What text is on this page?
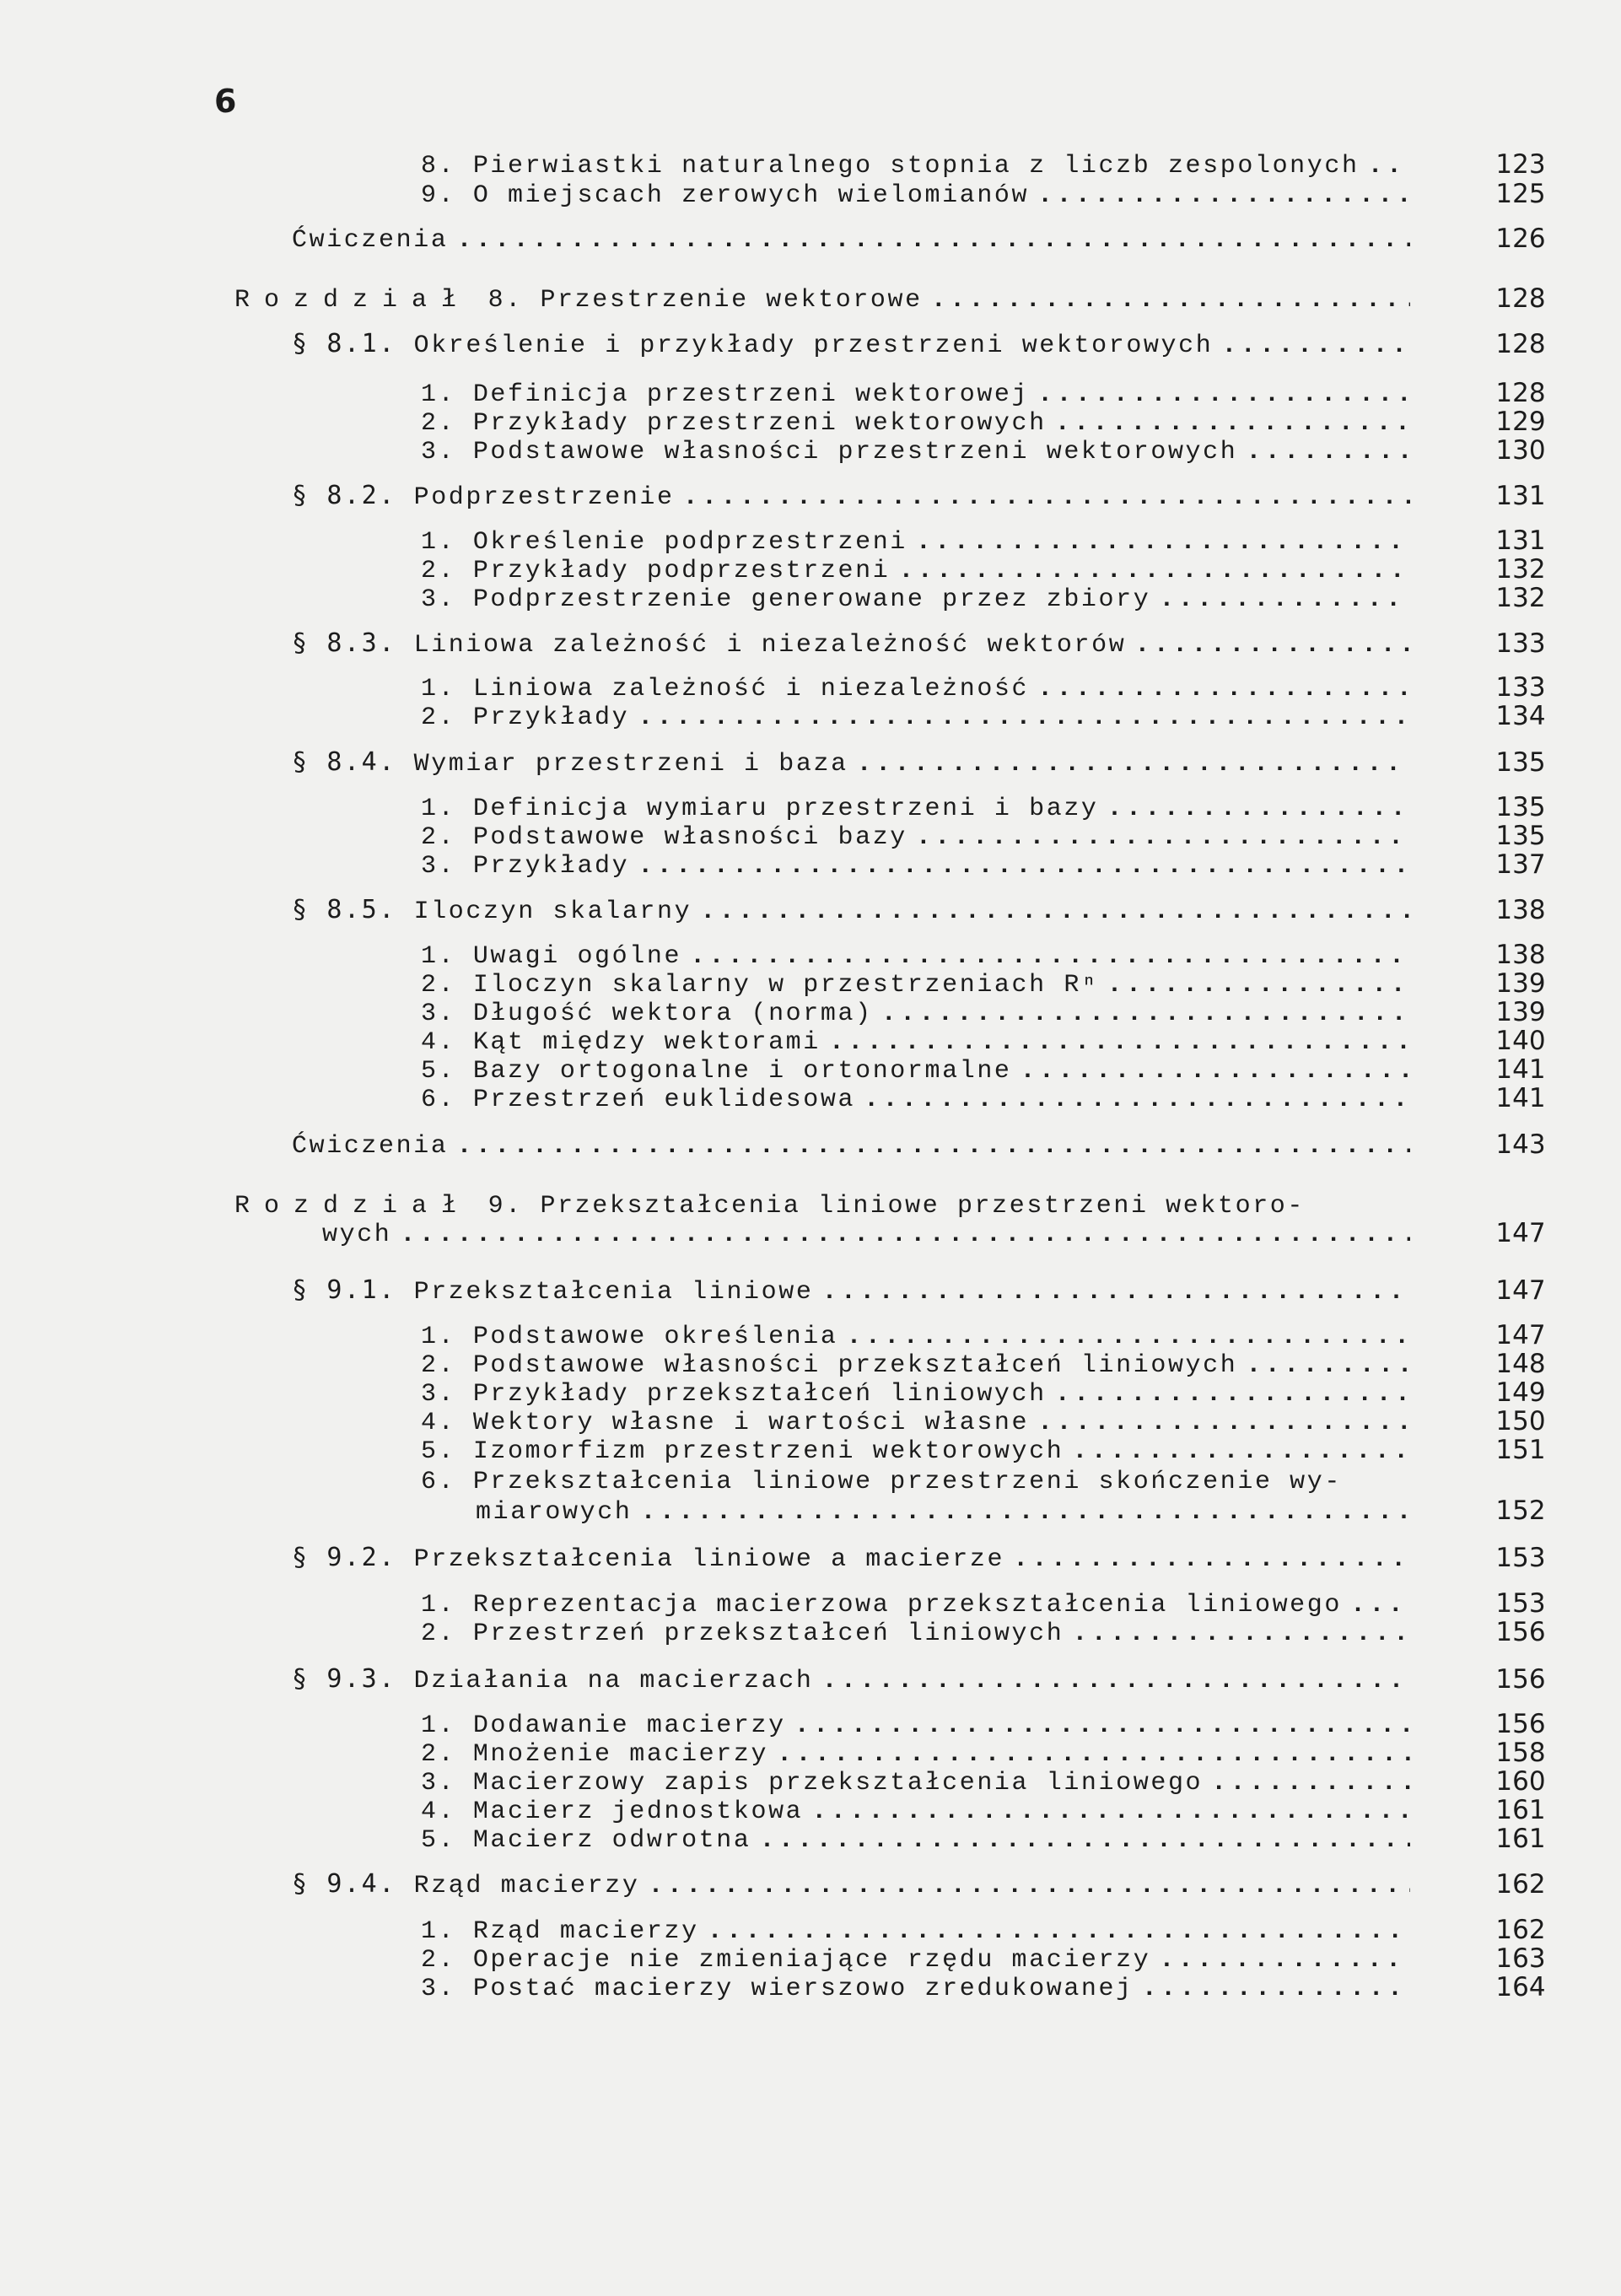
6
8. Pierwiastki naturalnego stopnia z liczb zespolonych .....	123
9. O miejscach zerowych wielomianów .....	125
Ćwiczenia .....	126
Rozdział 8. Przestrzenie wektorowe .....	128
§ 8.1. Określenie i przykłady przestrzeni wektorowych .....	128
1. Definicja przestrzeni wektorowej .....	128
2. Przykłady przestrzeni wektorowych .....	129
3. Podstawowe własności przestrzeni wektorowych .....	130
§ 8.2. Podprzestrzenie .....	131
1. Określenie podprzestrzeni .....	131
2. Przykłady podprzestrzeni .....	132
3. Podprzestrzenie generowane przez zbiory .....	132
§ 8.3. Liniowa zależność i niezależność wektorów .....	133
1. Liniowa zależność i niezależność .....	133
2. Przykłady .....	134
§ 8.4. Wymiar przestrzeni i baza .....	135
1. Definicja wymiaru przestrzeni i bazy .....	135
2. Podstawowe własności bazy .....	135
3. Przykłady .....	137
§ 8.5. Iloczyn skalarny .....	138
1. Uwagi ogólne .....	138
2. Iloczyn skalarny w przestrzeniach Rⁿ .....	139
3. Długość wektora (norma) .....	139
4. Kąt między wektorami .....	140
5. Bazy ortogonalne i ortonormalne .....	141
6. Przestrzeń euklidesowa .....	141
Ćwiczenia .....	143
Rozdział 9. Przekształcenia liniowe przestrzeni wektoro-
wych .....	147
§ 9.1. Przekształcenia liniowe .....	147
1. Podstawowe określenia .....	147
2. Podstawowe własności przekształceń liniowych .....	148
3. Przykłady przekształceń liniowych .....	149
4. Wektory własne i wartości własne .....	150
5. Izomorfizm przestrzeni wektorowych .....	151
6. Przekształcenia liniowe przestrzeni skończenie wy-
miarowych .....	152
§ 9.2. Przekształcenia liniowe a macierze .....	153
1. Reprezentacja macierzowa przekształcenia liniowego .....	153
2. Przestrzeń przekształceń liniowych .....	156
§ 9.3. Działania na macierzach .....	156
1. Dodawanie macierzy .....	156
2. Mnożenie macierzy .....	158
3. Macierzowy zapis przekształcenia liniowego .....	160
4. Macierz jednostkowa .....	161
5. Macierz odwrotna .....	161
§ 9.4. Rząd macierzy .....	162
1. Rząd macierzy .....	162
2. Operacje nie zmieniające rzędu macierzy .....	163
3. Postać macierzy wierszowo zredukowanej .....	164
